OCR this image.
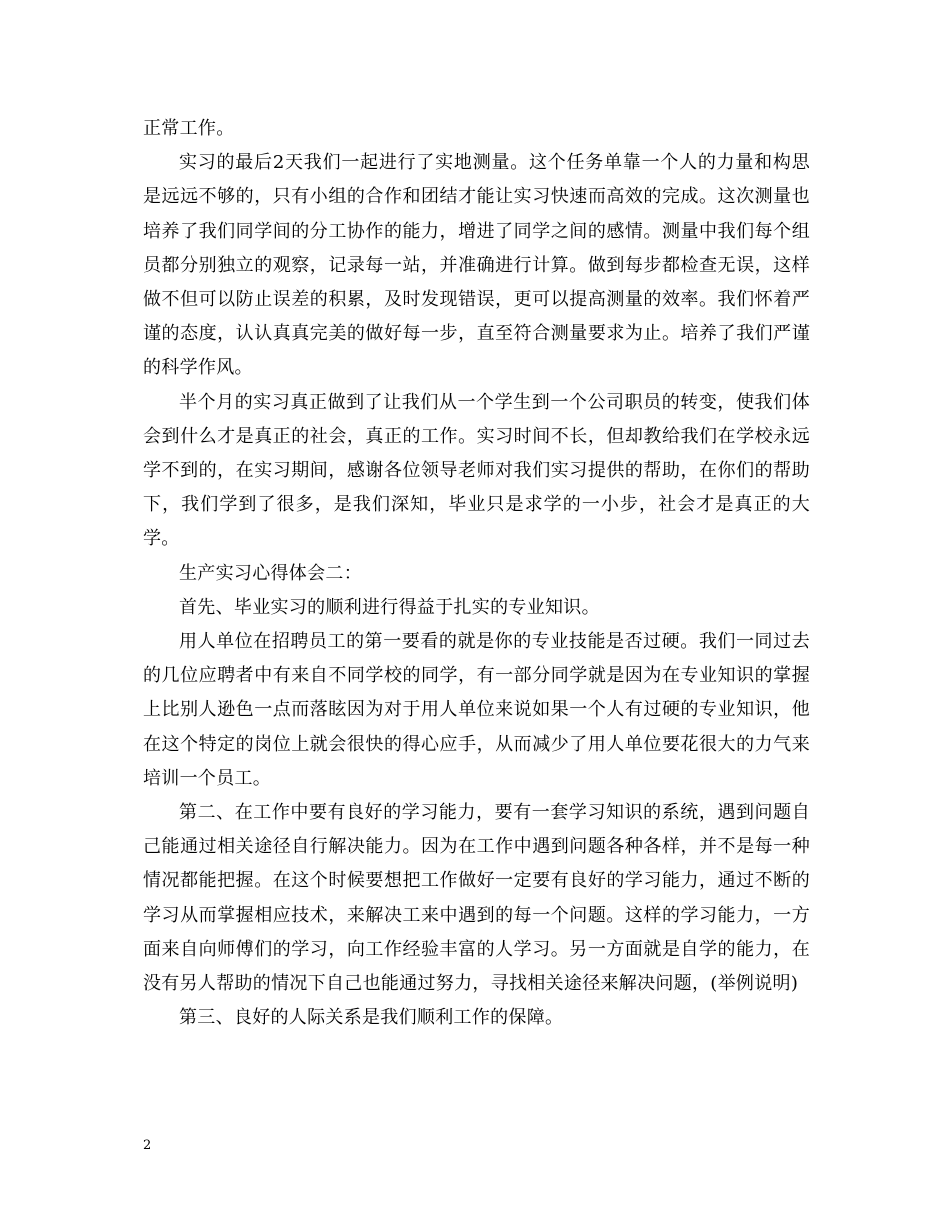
正常工作。

实习的最后2天我们一起进行了实地测量。这个任务单靠一个人的力量和构思是远远不够的，只有小组的合作和团结才能让实习快速而高效的完成。这次测量也培养了我们同学间的分工协作的能力，增进了同学之间的感情。测量中我们每个组员都分别独立的观察，记录每一站，并准确进行计算。做到每步都检查无误，这样做不但可以防止误差的积累，及时发现错误，更可以提高测量的效率。我们怀着严谨的态度，认认真真完美的做好每一步，直至符合测量要求为止。培养了我们严谨的科学作风。

半个月的实习真正做到了让我们从一个学生到一个公司职员的转变，使我们体会到什么才是真正的社会，真正的工作。实习时间不长，但却教给我们在学校永远学不到的，在实习期间，感谢各位领导老师对我们实习提供的帮助，在你们的帮助下，我们学到了很多，是我们深知，毕业只是求学的一小步，社会才是真正的大学。

生产实习心得体会二：

首先、毕业实习的顺利进行得益于扎实的专业知识。

用人单位在招聘员工的第一要看的就是你的专业技能是否过硬。我们一同过去的几位应聘者中有来自不同学校的同学，有一部分同学就是因为在专业知识的掌握上比别人逊色一点而落眩因为对于用人单位来说如果一个人有过硬的专业知识，他在这个特定的岗位上就会很快的得心应手，从而减少了用人单位要花很大的力气来培训一个员工。

第二、在工作中要有良好的学习能力，要有一套学习知识的系统，遇到问题自己能通过相关途径自行解决能力。因为在工作中遇到问题各种各样，并不是每一种情况都能把握。在这个时候要想把工作做好一定要有良好的学习能力，通过不断的学习从而掌握相应技术，来解决工来中遇到的每一个问题。这样的学习能力，一方面来自向师傅们的学习，向工作经验丰富的人学习。另一方面就是自学的能力，在没有另人帮助的情况下自己也能通过努力，寻找相关途径来解决问题，(举例说明)

第三、良好的人际关系是我们顺利工作的保障。

2
